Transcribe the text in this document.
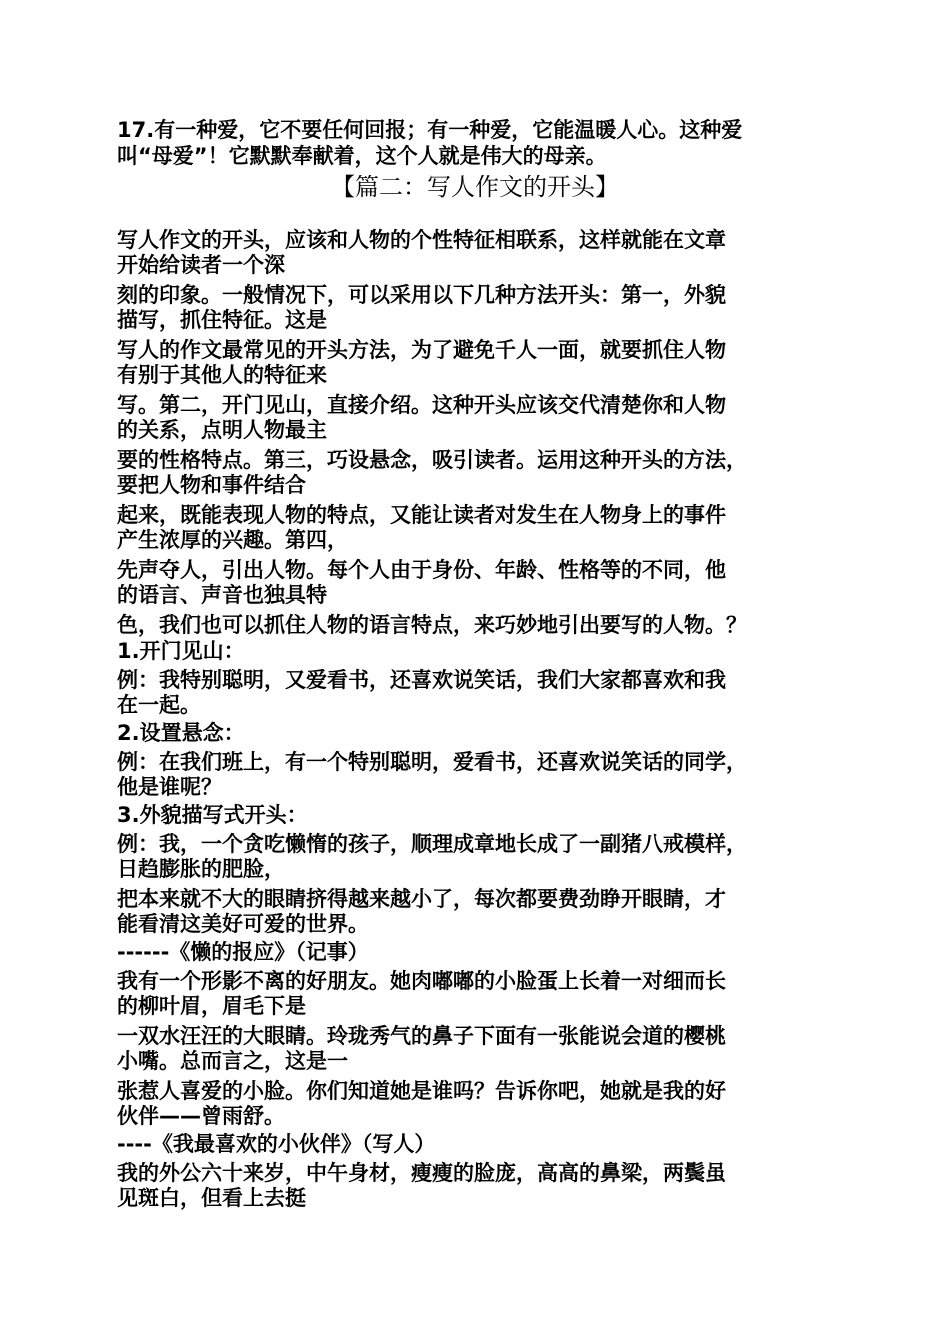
17.有一种爱，它不要任何回报；有一种爱，它能温暖人心。这种爱
叫“母爱”！它默默奉献着，这个人就是伟大的母亲。
【篇二：写人作文的开头】
写人作文的开头，应该和人物的个性特征相联系，这样就能在文章
开始给读者一个深
刻的印象。一般情况下，可以采用以下几种方法开头：第一，外貌
描写，抓住特征。这是
写人的作文最常见的开头方法，为了避免千人一面，就要抓住人物
有别于其他人的特征来
写。第二，开门见山，直接介绍。这种开头应该交代清楚你和人物
的关系，点明人物最主
要的性格特点。第三，巧设悬念，吸引读者。运用这种开头的方法，
要把人物和事件结合
起来，既能表现人物的特点，又能让读者对发生在人物身上的事件
产生浓厚的兴趣。第四，
先声夺人，引出人物。每个人由于身份、年龄、性格等的不同，他
的语言、声音也独具特
色，我们也可以抓住人物的语言特点，来巧妙地引出要写的人物。？
1.开门见山：
例：我特别聪明，又爱看书，还喜欢说笑话，我们大家都喜欢和我
在一起。
2.设置悬念：
例：在我们班上，有一个特别聪明，爱看书，还喜欢说笑话的同学，
他是谁呢？
3.外貌描写式开头：
例：我，一个贪吃懒惰的孩子，顺理成章地长成了一副猪八戒模样，
日趋膨胀的肥脸，
把本来就不大的眼睛挤得越来越小了，每次都要费劲睁开眼睛，才
能看清这美好可爱的世界。
------《懒的报应》（记事）
我有一个形影不离的好朋友。她肉嘟嘟的小脸蛋上长着一对细而长
的柳叶眉，眉毛下是
一双水汪汪的大眼睛。玲珑秀气的鼻子下面有一张能说会道的樱桃
小嘴。总而言之，这是一
张惹人喜爱的小脸。你们知道她是谁吗？告诉你吧，她就是我的好
伙伴——曾雨舒。
----《我最喜欢的小伙伴》（写人）
我的外公六十来岁，中午身材，瘦瘦的脸庞，高高的鼻梁，两鬓虽
见斑白，但看上去挺
